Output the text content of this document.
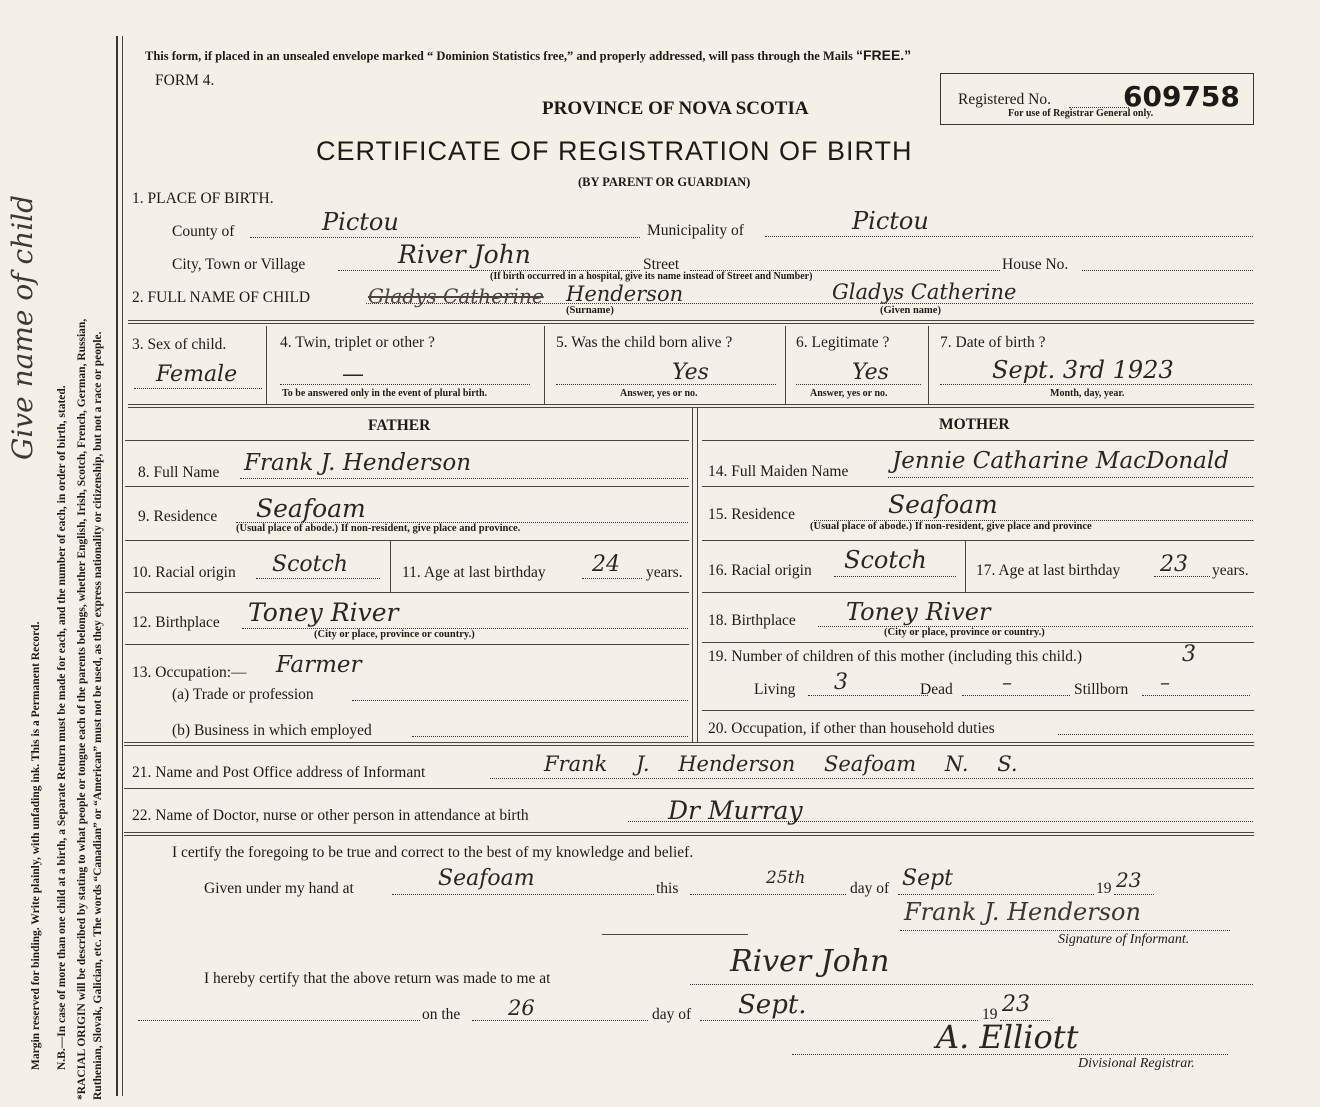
Give name of child
Margin reserved for binding. Write plainly, with unfading ink. This is a Permanent Record. N.B.—In case of more than one child at a birth, a Separate Return must be made for each, and the number of each, in order of birth, stated. *RACIAL ORIGIN will be described by stating to what people or tongue each of the parents belongs, whether English, Irish, Scotch, French, German, Russian, Ruthenian, Slovak, Galician, etc. The words “Canadian” or “American” must not be used, as they express nationality or citizenship, but not a race or people.
This form, if placed in an unsealed envelope marked “ Dominion Statistics free,” and properly addressed, will pass through the Mails “FREE.”
FORM 4.
PROVINCE OF NOVA SCOTIA
CERTIFICATE OF REGISTRATION OF BIRTH
(BY PARENT OR GUARDIAN)
Registered No.	609758
For use of Registrar General only.
1. PLACE OF BIRTH.
County of	Pictou	Municipality of	Pictou
City, Town or Village	River John	Street	House No.
(If birth occurred in a hospital, give its name instead of Street and Number)
2. FULL NAME OF CHILD	Gladys Catherine Henderson	Gladys Catherine
(Surname)	(Given name)
3. Sex of child.
Female
4. Twin, triplet or other ?
—
To be answered only in the event of plural birth.
5. Was the child born alive ?
Yes
Answer, yes or no.
6. Legitimate ?
Yes
Answer, yes or no.
7. Date of birth ?
Sept. 3rd 1923
Month, day, year.
FATHER	MOTHER
8. Full Name Frank J. Henderson
9. Residence Seafoam
(Usual place of abode.) If non-resident, give place and province.
10. Racial origin Scotch	11. Age at last birthday 24 years.
12. Birthplace Toney River
(City or place, province or country.)
13. Occupation:— Farmer
(a) Trade or profession
(b) Business in which employed
14. Full Maiden Name Jennie Catharine MacDonald
15. Residence	Seafoam
(Usual place of abode.) If non-resident, give place and province
16. Racial origin Scotch	17. Age at last birthday 23 years.
18. Birthplace Toney River
(City or place, province or country.)
19. Number of children of this mother (including this child.)	3
Living 3	Dead –	Stillborn –
20. Occupation, if other than household duties
21. Name and Post Office address of Informant	Frank J. Henderson Seafoam N. S.
22. Name of Doctor, nurse or other person in attendance at birth	Dr Murray
I certify the foregoing to be true and correct to the best of my knowledge and belief.
Given under my hand at	Seafoam	this
25th
day of Sept	19 23
Frank J. Henderson
Signature of Informant.
I hereby certify that the above return was made to me at	River John
on the 26	day of Sept.	19 23
A. Elliott
Divisional Registrar.
